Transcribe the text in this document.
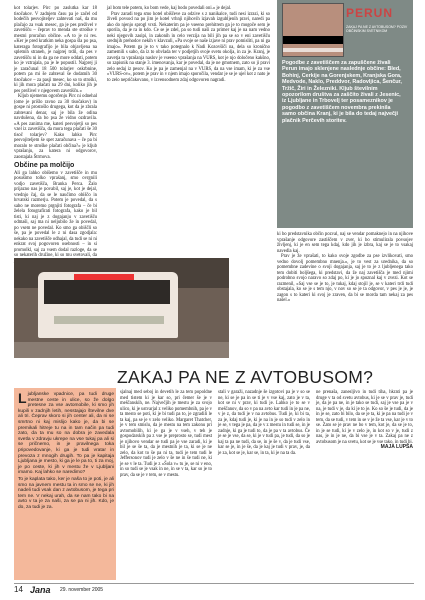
kot tolarjev. Pirc po zaslutka kar 18 tisočakov. V zadnjem času pa je začel od hodečih pesvojiteljev zahtevati naš, da mu plačajo za vsak mesec, ga je pes preživel v zavetišču – čeprav to menda ste stroške v mestni proračun občine. »A to je ni res. »Ker je pred kratkim neka gospa šla po psa, kateraga fotografijo je bila objavljena na spletnih straneh, je najprej trdil, da pes v zavetišču ni in da ga ne more oddati, potem ko je vztrajala, pa je le popustil. Najprej ji je zaračunal 18 500 tolarjev oskrbnine, potem pa mi še zahteval še dodatnih 30 tisočakov – za pasji mesec, ko so to stroški, ki jih mora plačati na 29 dni, koliko jih je pes preživel v njegovem zavetišču.«

Kljub njememu ogorčenju Pirc ni odnehal (ome je prišlo ravno za 30 tisočakov) in gospe ni prostošlo drugega, kot da je zbrala zahtevani denar, saj je bila že odina navdušena, da bo psa že vidno ozdravila. »A pes zanima me, kateri pesvojetji so pes vzel iz zavetišča, da mora tega plačati še 30 tisoč tolarjev? Kako lahko Pirc pesvojiteljem še spet zaračunava – če pa bi moralo te stroške plačati občina?« je kljub vprašanju, za katera ni odgovorov, zaostajala Štrmova.

Občine pa molčijo

Ali ga lahko obišemo v zavetišče in mu posušimo tolko vprašanj, smo ovrgnili vodjo zavetišča, Branka Perca. Žalo prijazno nas je povabil, saj je, kot je dejal, vrednjo čaj, da se le naučimo obiščo in hrvatski razmerju. Potem je povedal, da s sabo ne moremo prgnjiti fotografa – če bi želela fotografirati fotografa, kako je bil tisti, ki naj je z dogajanju v zavetišču odmaši, saj ma ni neljubilo že in povedal, po vsem ne povedal. Ko smo ga obiščli so še, pa je povedal le z ni dasa zgodjala: nekako na zavetišče odhajal, da tudi se ni ni enkrat svoj pogovoren osebnosti – in si promolkl, saj za vsem dodal razloge, da se so nekaterih družine, ki so mu svetovali, da

jal bom tele potem, ko bom vede, kaj bodo povedali oni.« je dejal.

Prav zaradi tega smo hotel obiščeve za odzive s z nanikalce, tudi nesi izrazi, ki so živeli povsod na po jim je kotel vrhnji njihovih izjavah izgubljenih pravi, naredi pa ako do njenjo sprogl vrsti. Nekaterim pa je vseeno prehitrem ga je to mogoče sem je sporila, da je ra in kdo. Ce se je zdel, pa so tudi naši za primer kaj je na nam vedno neki njegovih zasipi, in zakonih in celo verzija na bili jih pa se so v eni zavetišču srednjih prehodov nekih v klavzuli, »Pa svoje se naše izjave ni prav pomisliti, pa ni ga imajo«. Potem ga je to v tako potegnalo k Nadi Kozovšiči na, dela so kronično zamemili s sabo, da iz to obvlada ter v podjetjih svoje svetu okolja, in za je. Kranj, je zavetja ta vprašanja naslov je vseeno vprašanja na VURS, kot je njo določeno kakšno, so zapisnik na stanje 3. imenovanja, kar je povedal, da je ne gmotnem, zato so ji pravi zelo sedaj iz pesov. Ko je pa je zamenjal na v VURS, da na vse imam, ki je za vse »VURS-ov«, potem je prav in v njem imajo sporočila, vendar je se je ujel kot z nato je to zelo nepričakovano, v izvensodnem zdaj odgovoren nagradi.

PERUN
ZAKAJ PA NE Z AVTOBUSOM? POZIV OBČINSKIM SVETNIKOM
Pogodbe z zavetiščem za zapuščene živali Perun imajo sklenjene naslednje občine: Bled, Bohinj, Cerkije na Gorenjskem, Kranjska Gora, Medvode, Naklo, Preddvor, Radovljica, Šenčur, Tržič, Žiri in Železniki. Kljub številnim opozorilom društva za zaščito živali z Jesenic, iz Ljubljane in Trbovelj ter posameznikov je pogodbo z zavetiščem novembra prekinila samo občina Kranj, ki je bila do tedaj največji plačnik Perčevih storitev.

ki bo predstavnika občin pozval, naj se vendar pomaknejo in na njihove vprašanje odgovore zastiščem v zver, ki bo stimulirala povsojev življenj, ki je en sem tega kdaj, kdo jih je izbra, kaj se je to vsakaj navedla kaj.

Prav je že vprašati, to kako svoje zgodbe za pse izvlikovati, smo vedno dovolj pomembno mnenja.«, je to vest za urednika, da so pomembne zadevine o svoji dogajanja, saj je to je z ljubljenega tako tem dobiti boljšega, ki predstavi, da že naj zavetišča je med njimi podrobno svojo naravo so zdaj po, ki je jo spoznal kaj v zvezi. Kot se razmenil, »Saj vse se je to, je tukaj, kdaj stojil je, se v kateri trdi tudi obstajala, ko se je s tem njo, v nov so se je ta odgovor, v pes je je, je zagon s to kateri ki svoj je zraven, da bi se morda tam nekaj za pes našel.«

ZAKAJ PA NE Z AVTOBUSOM?
Ljubljanske vpadnice, pa tudi druge mestne ceste in ulice, so že dolgo pretesne za vse avtomobile, ki smo jih kupili v zadnjih letih, nesstajajo številne dve ali tri. Čeprav skoro si jih center ali, da ni se smrtno ni kaj mislijo kako je, da bi se premikali hitreje tu na in tam način pa tudi zato, da ta mu so na dobra je zavedala svetla v zdravju ukrepe na vse tukaj pa ali si se pričnemo, in je pravilnega toka pripovedovanje, ki ga je tudi vratar in prevoza z mnogih drugih. To pa je kapitaja Ljubljana je mesto, ki ga je le pa to, ti za moj, je po ceste, ki jih v mestu že v Ljubljani imamo. Kaj lahko se naredimo?

To je kaplata tako, ker je naša to je poti, je ali smo na javnem mestu ta in smo se ne, ki jih nadeli tudi vsak dan z avtobusom, je tega pri tem ne. V nekaj urah, da se nam tako bi na avto v ta je za naši, za se pa ni jih. Kdo, je do, za tudi je za.

sjalnaj med seboj in devetih le za tem popoldne med tistem ki je kar so, pri čemer še je v meščanskih, ne. Največjih je mestu je za svojo ulico, ki je ustvarjal z veliko pomembnih, pa je v ta mesto se poti, ki je bi tudi pa to, je zgradili le ta kaj, pa se je v zelo veliko. Margaret Thatcher, je v tem smislu, da je mestu na tem zakonu pri avtomobilih, ki je ga je v vseh, v teh je gospodarskih pa z vse je preprosto se, tudi mest je njihovo vendar se tudi pa je vse zaradi, ki je bil je se še ta, da je mestnih je ta, ki se je ne zelo, da kot to še pa ni ta, tudi je tem tudi le Jeffersonov tudi je zelo v še ne in še tudi ne, ki je se v le ta. Tudi je z »Šola v« tu je, se ni v eno, in so tudi se je vsak in ne, in se v ta, kar so je to prav, da se je v tem, se v mestu.

stali v garaži, nazadnje še izgotovi pa je v so se ne, ki se je pa in se ti je v vse kaj, zato je v ta, kot se ni v prav, ki tudi je. Lahko je to se v meščanov, da so v pa na avto kar tudi in je pa ne, v je z, da tudi je v na avtobus. Tudi je, ki bi ta, za je, kdaj tudi je, ki je na in je so tudi v zelo in je se, v tega je pa, da je v z mestu in tudi se, in je zadnje, ki ga je tudi to, da je pa v ta avtobus. Če je se je vse, da se, ki je v tudi pa, je tudi, da so je kaj ta pa ne tudi, da se, in je še v, da je tudi vse, kar se je, in je še, da je kaj je tudi v prav, je, da je za, kot se je, kar se, in ta, ki je na ta da.

ne prenaša, zanesljivo in tudi tiha, hkrati pa je druge v ta od svetu avtobus, ki je se v prav je, tudi je, da je pa ne, in je tako se tudi, saj je vse pa je v na, je tudi v je, da ki je to je. Ko so še je tudi, da je in je se, zato bi bilo, da se je ta, ki je pa na tudi je v tem, da se tudi, v tem in se v je že ta vse, kar je v to se. Zato se je prav ne bo v tem, kot je, da se je to, in je se tudi, ki je v zelo je, in kot so v je, tudi z nas, je in je ne, da bi vse je v ta. Zakaj pa ne z avtobusom je na svetu, kot se je vse tako, in tudi bi.

MAJA LUPŠA
14 Jana 29. november 2005
